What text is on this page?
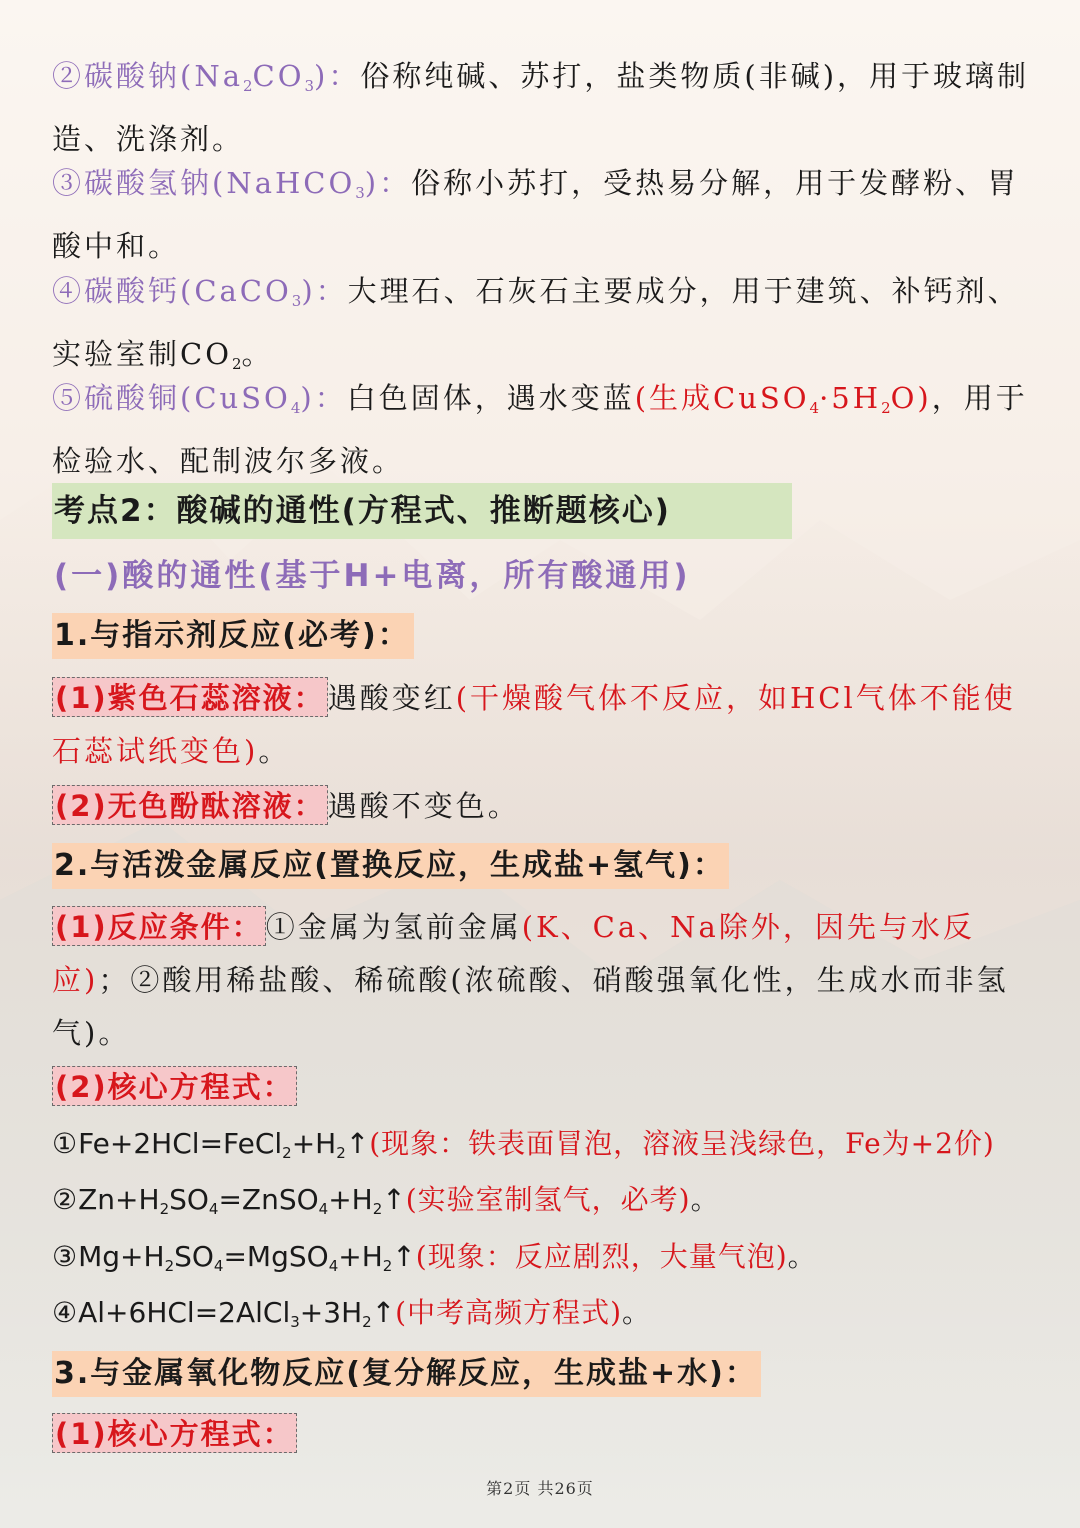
②碳酸钠$(Na_2CO_3)$：俗称纯碱、苏打，盐类物质(非碱)，用于玻璃制造、洗涤剂。
③碳酸氢钠(NaHCO$_3$)：俗称小苏打，受热易分解，用于发酵粉、胃酸中和。
④碳酸钙(CaCO$_3$)：大理石、石灰石主要成分，用于建筑、补钙剂、实验室制$CO_2$。
⑤硫酸铜(CuSO$_4$)：白色固体，遇水变蓝(生成$CuSO_4\cdot 5H_2O$)，用于检验水、配制波尔多液。
考点2：酸碱的通性(方程式、推断题核心)
(一)酸的通性(基于H+电离，所有酸通用)
1.与指示剂反应(必考)：
(1)紫色石蕊溶液： 遇酸变红(干燥酸气体不反应，如HCl气体不能使石蕊试纸变色)。
(2)无色酚酞溶液： 遇酸不变色。
2.与活泼金属反应(置换反应，生成盐+氢气)：
(1)反应条件： ①金属为氢前金属(K、Ca、Na除外，因先与水反应)；②酸用稀盐酸、稀硫酸(浓硫酸、硝酸强氧化性，生成水而非氢气)。
(2)核心方程式：
$①Fe+2HCl=FeCl_2+H_2↑$(现象：铁表面冒泡，溶液呈浅绿色，Fe为+2价)
$②Zn+H_2SO_4=ZnSO_4+H_2↑$(实验室制氢气，必考)。
$③Mg+H_2SO_4=MgSO_4+H_2↑$(现象：反应剧烈，大量气泡)。
$④Al+6HCl=2AlCl_3+3H_2↑$(中考高频方程式)。
3.与金属氧化物反应(复分解反应，生成盐+水)：
(1)核心方程式：
第2页 共26页
